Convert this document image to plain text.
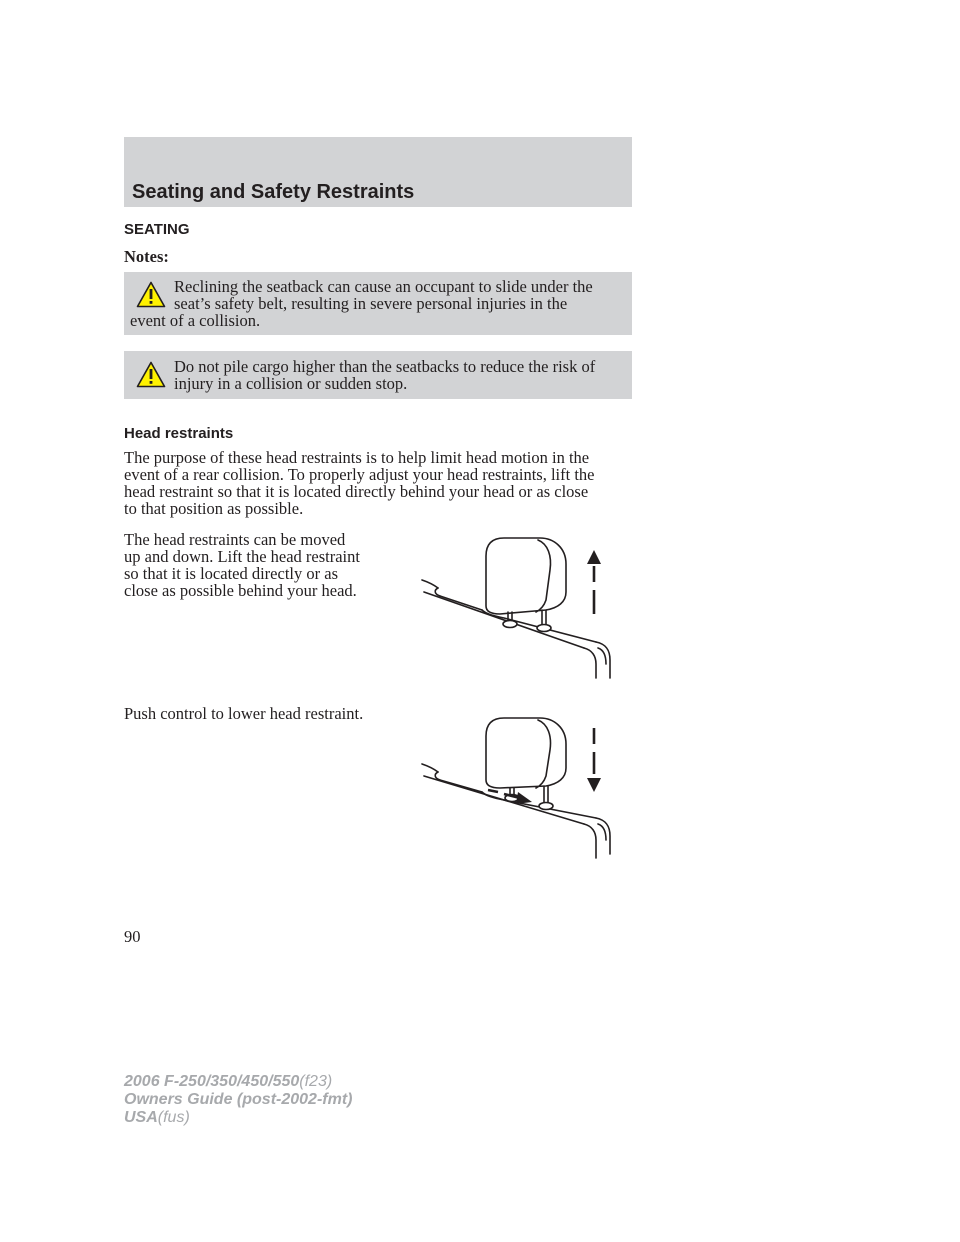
Seating and Safety Restraints
SEATING
Notes:
Reclining the seatback can cause an occupant to slide under the
seat’s safety belt, resulting in severe personal injuries in the
event of a collision.
Do not pile cargo higher than the seatbacks to reduce the risk of
injury in a collision or sudden stop.
Head restraints
The purpose of these head restraints is to help limit head motion in the
event of a rear collision. To properly adjust your head restraints, lift the
head restraint so that it is located directly behind your head or as close
to that position as possible.
The head restraints can be moved
up and down. Lift the head restraint
so that it is located directly or as
close as possible behind your head.
Push control to lower head restraint.
90
2006 F-250/350/450/550(f23)
Owners Guide (post-2002-fmt)
USA(fus)
